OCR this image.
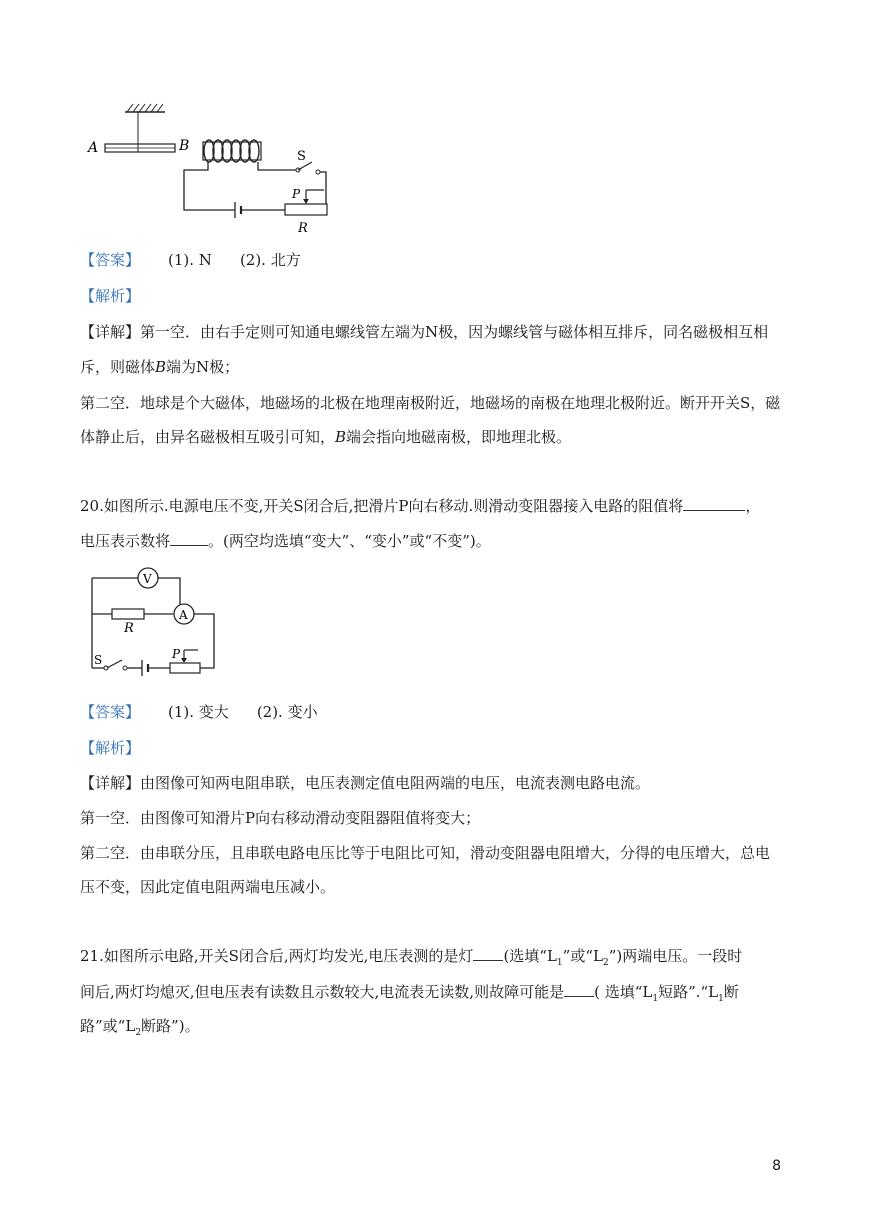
A	B
S
P
R
【答案】 (1). N (2). 北方
【解析】
【详解】第一空．由右手定则可知通电螺线管左端为N极，因为螺线管与磁体相互排斥，同名磁极相互相
斥，则磁体B端为N极；
第二空．地球是个大磁体，地磁场的北极在地理南极附近，地磁场的南极在地理北极附近。断开开关S，磁
体静止后，由异名磁极相互吸引可知，B端会指向地磁南极，即地理北极。
20.如图所示.电源电压不变,开关S闭合后,把滑片P向右移动.则滑动变阻器接入电路的阻值将	，
电压表示数将	。(两空均选填“变大”、“变小”或“不变”)。
V
R
A
S	P
【答案】 (1). 变大 (2). 变小
【解析】
【详解】由图像可知两电阻串联，电压表测定值电阻两端的电压，电流表测电路电流。
第一空．由图像可知滑片P向右移动滑动变阻器阻值将变大；
第二空．由串联分压，且串联电路电压比等于电阻比可知，滑动变阻器电阻增大，分得的电压增大，总电
压不变，因此定值电阻两端电压减小。
21.如图所示电路,开关S闭合后,两灯均发光,电压表测的是灯 (选填“$L_1$”或“$L_2$”)两端电压。一段时
间后,两灯均熄灭,但电压表有读数且示数较大,电流表无读数,则故障可能是 ( 选填“$L_1$短路$”.“L_1$断
路”或“$L_2$断路”)。
8
